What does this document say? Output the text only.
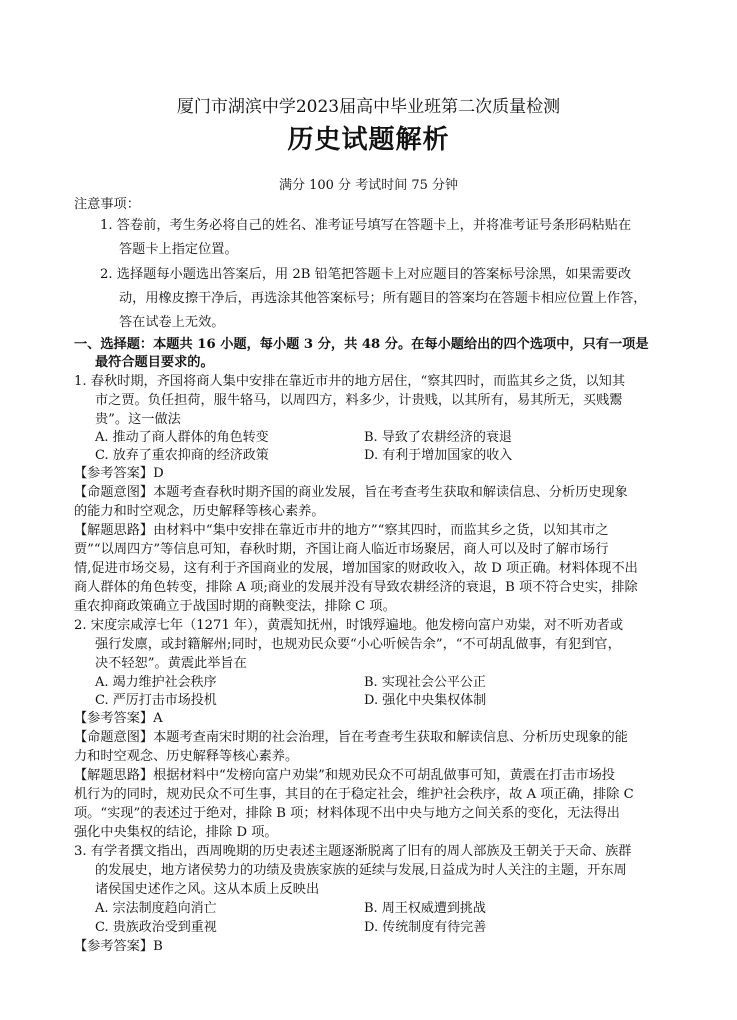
厦门市湖滨中学2023届高中毕业班第二次质量检测
历史试题解析
满分 100 分 考试时间 75 分钟
注意事项：
1. 答卷前，考生务必将自己的姓名、准考证号填写在答题卡上，并将准考证号条形码粘贴在
答题卡上指定位置。
2. 选择题每小题选出答案后，用 2B 铅笔把答题卡上对应题目的答案标号涂黑，如果需要改
动，用橡皮擦干净后，再选涂其他答案标号；所有题目的答案均在答题卡相应位置上作答，
答在试卷上无效。
一、选择题：本题共 16 小题，每小题 3 分，共 48 分。在每小题给出的四个选项中，只有一项是
最符合题目要求的。
1. 春秋时期，齐国将商人集中安排在靠近市井的地方居住，“察其四时，而监其乡之货，以知其
市之贾。负任担荷，服牛辂马，以周四方，料多少，计贵贱，以其所有，易其所无，买贱鬻
贵”。这一做法
A. 推动了商人群体的角色转变	B. 导致了农耕经济的衰退
C. 放弃了重农抑商的经济政策	D. 有利于增加国家的收入
【参考答案】D
【命题意图】本题考查春秋时期齐国的商业发展，旨在考查考生获取和解读信息、分析历史现象
的能力和时空观念，历史解释等核心素养。
【解题思路】由材料中“集中安排在靠近市井的地方”“察其四时，而监其乡之货，以知其市之
贾”“以周四方”等信息可知，春秋时期，齐国让商人临近市场聚居，商人可以及时了解市场行
情,促进市场交易，这有利于齐国商业的发展，增加国家的财政收入，故 D 项正确。材料体现不出
商人群体的角色转变，排除 A 项;商业的发展并没有导致农耕经济的衰退，B 项不符合史实，排除
重农抑商政策确立于战国时期的商鞅变法，排除 C 项。
2. 宋度宗咸淳七年（1271 年），黄震知抚州，时饿殍遍地。他发榜向富户劝粜，对不听劝者或
强行发廪，或封籍解州;同时，也规劝民众要“小心听候告余”，“不可胡乱做事，有犯到官，
决不轻恕”。黄震此举旨在
A. 竭力维护社会秩序	B. 实现社会公平公正
C. 严厉打击市场投机	D. 强化中央集权体制
【参考答案】A
【命题意图】本题考查南宋时期的社会治理，旨在考查考生获取和解读信息、分析历史现象的能
力和时空观念、历史解释等核心素养。
【解题思路】根据材料中“发榜向富户劝粜”和规劝民众不可胡乱做事可知，黄震在打击市场投
机行为的同时，规劝民众不可生事，其目的在于稳定社会，维护社会秩序，故 A 项正确，排除 C
项。“实现”的表述过于绝对，排除 B 项；材料体现不出中央与地方之间关系的变化，无法得出
强化中央集权的结论，排除 D 项。
3. 有学者撰文指出，西周晚期的历史表述主题逐渐脱离了旧有的周人部族及王朝关于天命、族群
的发展史，地方诸侯势力的功绩及贵族家族的延续与发展,日益成为时人关注的主题，开东周
诸侯国史述作之风。这从本质上反映出
A. 宗法制度趋向消亡	B. 周王权威遭到挑战
C. 贵族政治受到重视	D. 传统制度有待完善
【参考答案】B
